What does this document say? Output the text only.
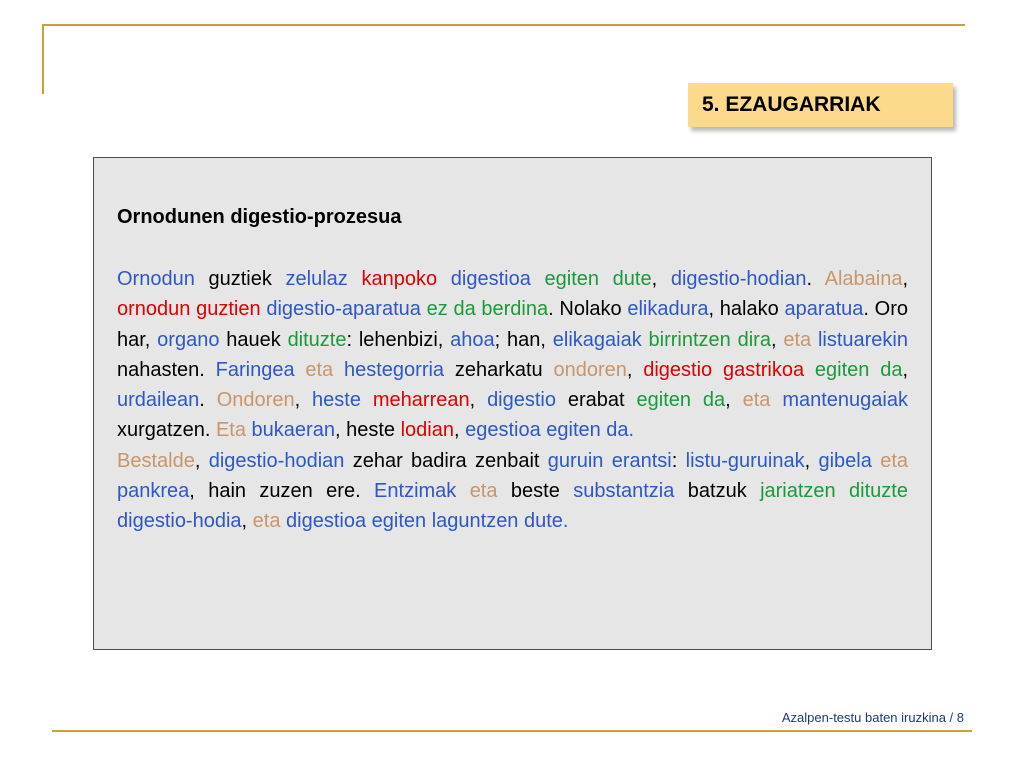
5. EZAUGARRIAK
Ornodunen digestio-prozesua

Ornodun guztiek zelulaz kanpoko digestioa egiten dute, digestio-hodian. Alabaina, ornodun guztien digestio-aparatua ez da berdina. Nolako elikadura, halako aparatua. Oro har, organo hauek dituzte: lehenbizi, ahoa; han, elikagaiak birrintzen dira, eta listuarekin nahasten. Faringea eta hestegorria zeharkatu ondoren, digestio gastrikoa egiten da, urdailean. Ondoren, heste meharrean, digestio erabat egiten da, eta mantenugaiak xurgatzen. Eta bukaeran, heste lodian, egestioa egiten da.

Bestalde, digestio-hodian zehar badira zenbait guruin erantsi: listu-guruinak, gibela eta pankrea, hain zuzen ere. Entzimak eta beste substantzia batzuk jariatzen dituzte digestio-hodia, eta digestioa egiten laguntzen dute.

Azalpen-testu baten iruzkina / 8
